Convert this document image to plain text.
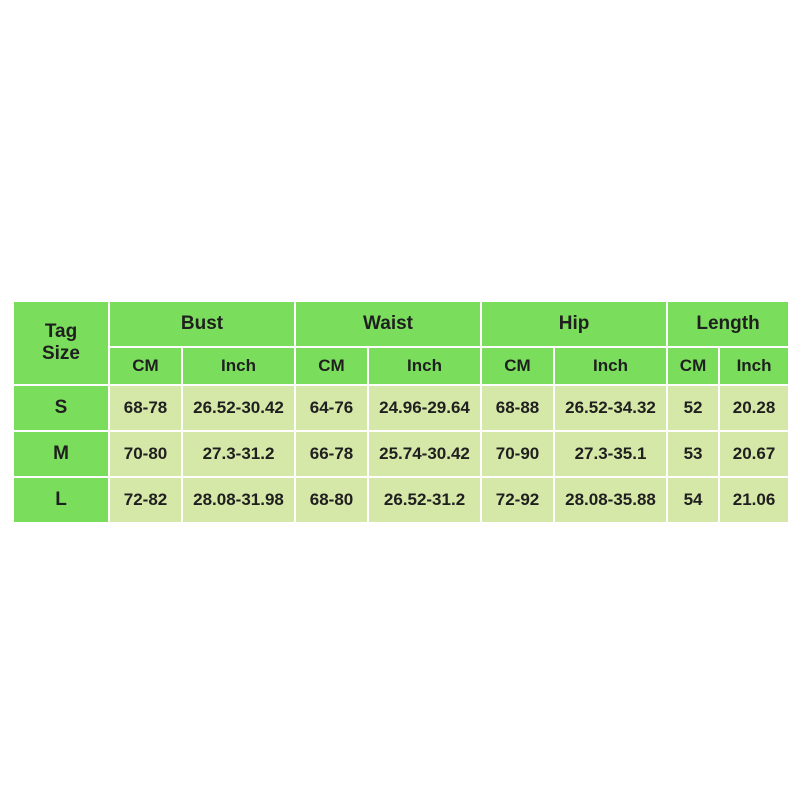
Tag
Size	Bust		Waist		Hip		Length	
	CM	Inch	CM	Inch	CM	Inch	CM	Inch
S	68-78	26.52-30.42	64-76	24.96-29.64	68-88	26.52-34.32	52	20.28
M	70-80	27.3-31.2	66-78	25.74-30.42	70-90	27.3-35.1	53	20.67
L	72-82	28.08-31.98	68-80	26.52-31.2	72-92	28.08-35.88	54	21.06
